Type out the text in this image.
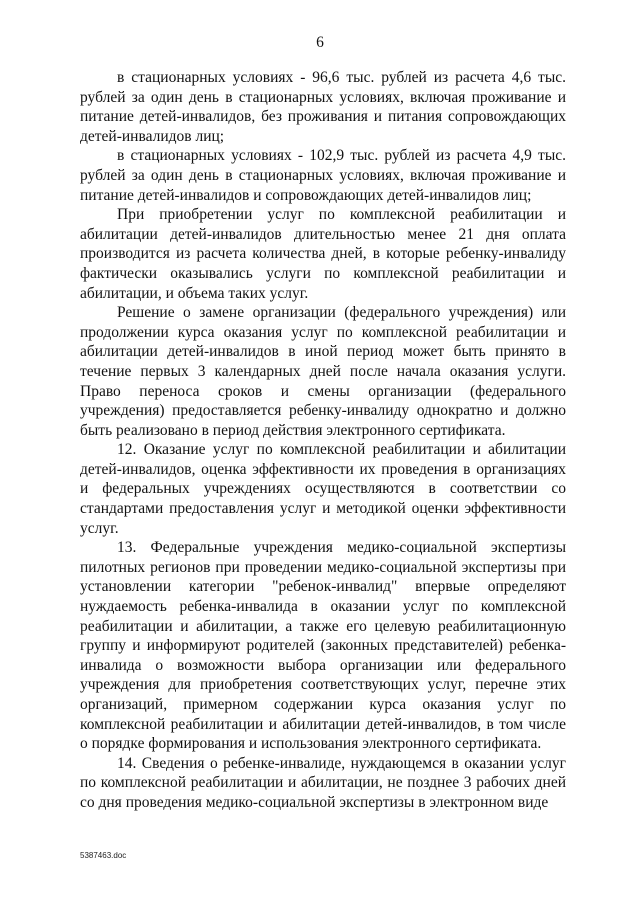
6

в стационарных условиях - 96,6 тыс. рублей из расчета 4,6 тыс. рублей за один день в стационарных условиях, включая проживание и питание детей-инвалидов, без проживания и питания сопровождающих детей-инвалидов лиц;

в стационарных условиях - 102,9 тыс. рублей из расчета 4,9 тыс. рублей за один день в стационарных условиях, включая проживание и питание детей-инвалидов и сопровождающих детей-инвалидов лиц;

При приобретении услуг по комплексной реабилитации и абилитации детей-инвалидов длительностью менее 21 дня оплата производится из расчета количества дней, в которые ребенку-инвалиду фактически оказывались услуги по комплексной реабилитации и абилитации, и объема таких услуг.

Решение о замене организации (федерального учреждения) или продолжении курса оказания услуг по комплексной реабилитации и абилитации детей-инвалидов в иной период может быть принято в течение первых 3 календарных дней после начала оказания услуги. Право переноса сроков и смены организации (федерального учреждения) предоставляется ребенку-инвалиду однократно и должно быть реализовано в период действия электронного сертификата.

12. Оказание услуг по комплексной реабилитации и абилитации детей-инвалидов, оценка эффективности их проведения в организациях и федеральных учреждениях осуществляются в соответствии со стандартами предоставления услуг и методикой оценки эффективности услуг.

13. Федеральные учреждения медико-социальной экспертизы пилотных регионов при проведении медико-социальной экспертизы при установлении категории "ребенок-инвалид" впервые определяют нуждаемость ребенка-инвалида в оказании услуг по комплексной реабилитации и абилитации, а также его целевую реабилитационную группу и информируют родителей (законных представителей) ребенка-инвалида о возможности выбора организации или федерального учреждения для приобретения соответствующих услуг, перечне этих организаций, примерном содержании курса оказания услуг по комплексной реабилитации и абилитации детей-инвалидов, в том числе о порядке формирования и использования электронного сертификата.

14. Сведения о ребенке-инвалиде, нуждающемся в оказании услуг по комплексной реабилитации и абилитации, не позднее 3 рабочих дней со дня проведения медико-социальной экспертизы в электронном виде

5387463.doc
